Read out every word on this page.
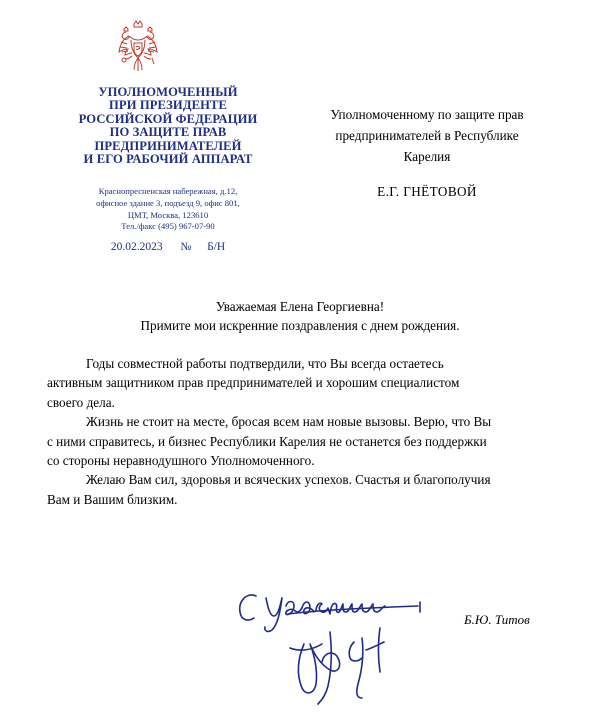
УПОЛНОМОЧЕННЫЙ
ПРИ ПРЕЗИДЕНТЕ
РОССИЙСКОЙ ФЕДЕРАЦИИ
ПО ЗАЩИТЕ ПРАВ
ПРЕДПРИНИМАТЕЛЕЙ
И ЕГО РАБОЧИЙ АППАРАТ
Краснопресненская набережная, д.12,
офисное здание 3, подъезд 9, офис 801,
ЦМТ, Москва, 123610
Тел./факс (495) 967-07-90
20.02.2023 № Б/Н
Уполномоченному по защите прав
предпринимателей в Республике
Карелия
Е.Г. ГНЁТОВОЙ
Уважаемая Елена Георгиевна!
Примите мои искренние поздравления с днем рождения.
Годы совместной работы подтвердили, что Вы всегда остаетесь
активным защитником прав предпринимателей и хорошим специалистом
своего дела.
Жизнь не стоит на месте, бросая всем нам новые вызовы. Верю, что Вы
с ними справитесь, и бизнес Республики Карелия не останется без поддержки
со стороны неравнодушного Уполномоченного.
Желаю Вам сил, здоровья и всяческих успехов. Счастья и благополучия
Вам и Вашим близким.
Б.Ю. Титов
